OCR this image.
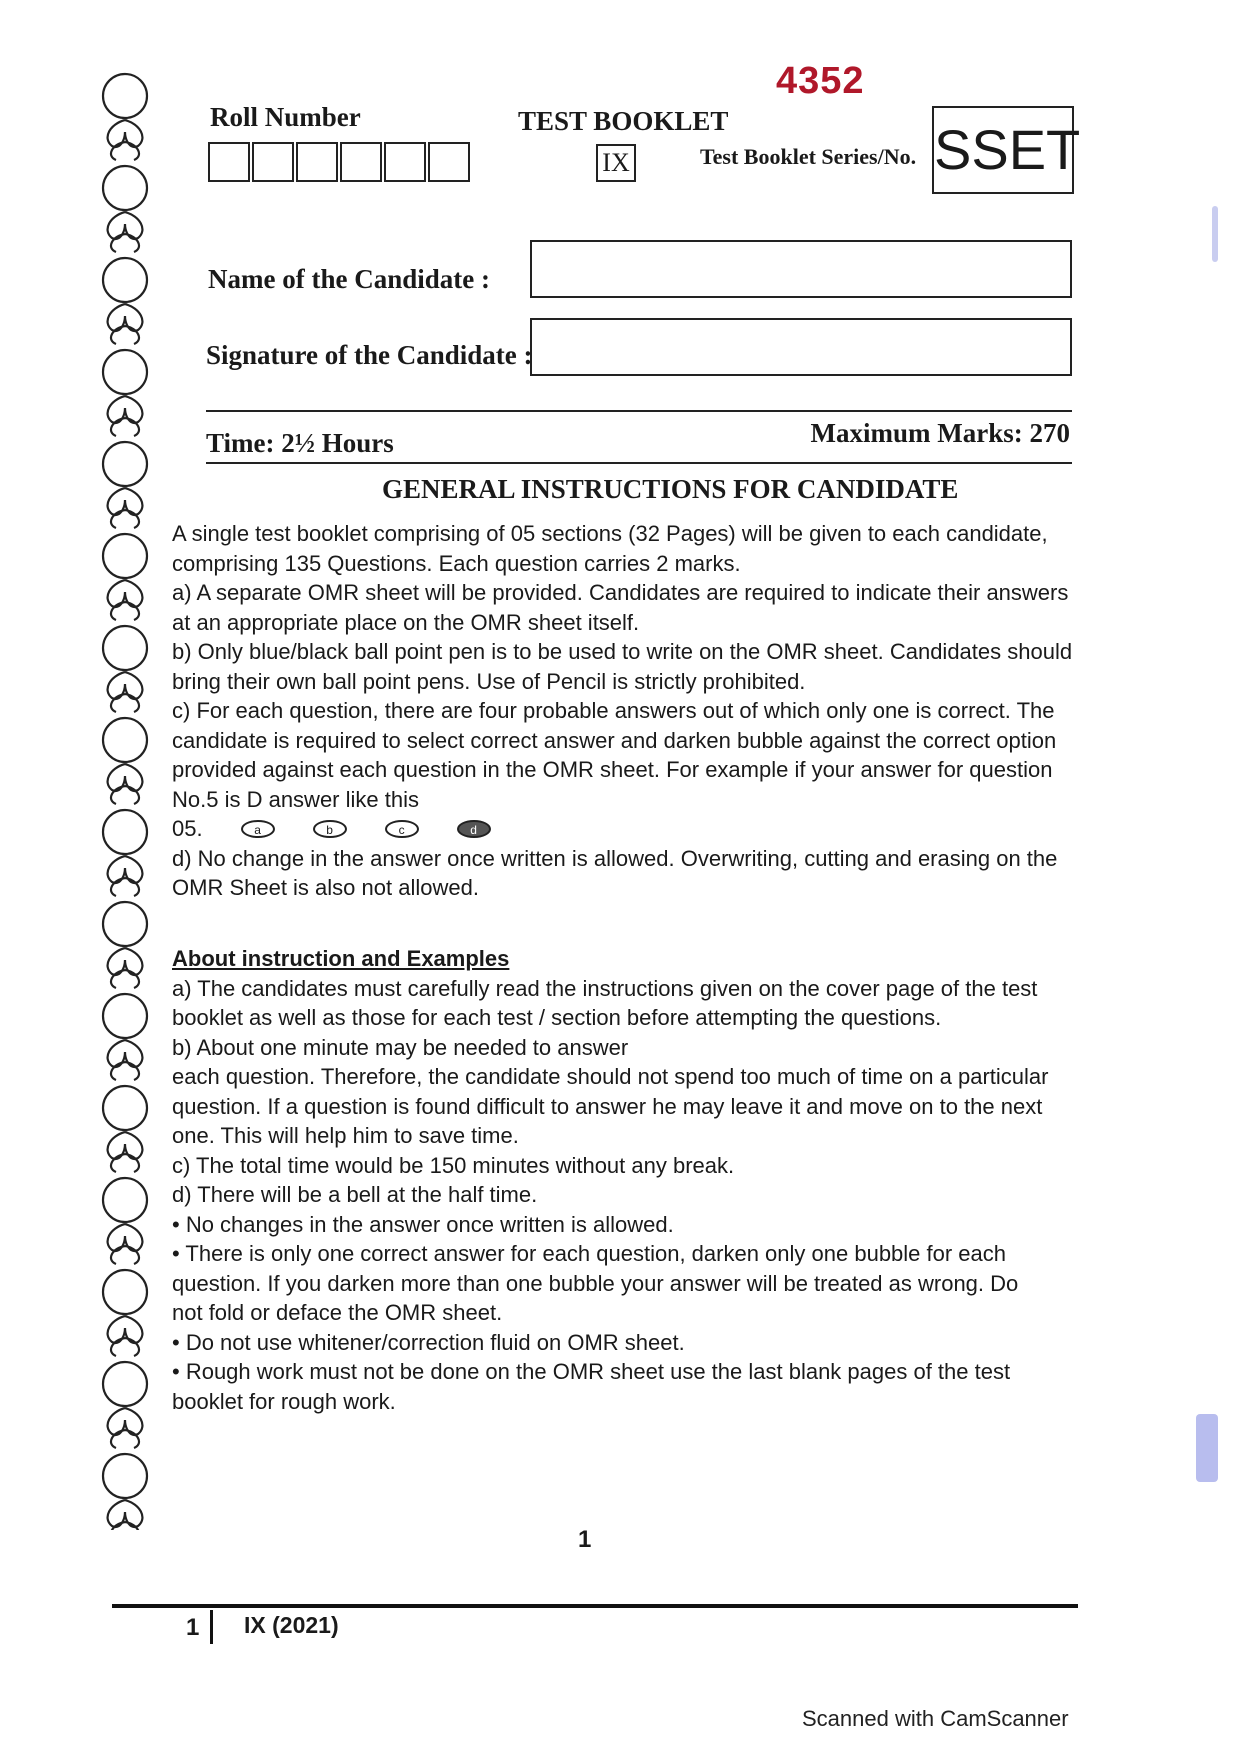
4352
Roll Number	TEST BOOKLET
IX	Test Booklet Series/No. SSET
Name of the Candidate :
Signature of the Candidate :
Time: 2½ Hours	Maximum Marks: 270
GENERAL INSTRUCTIONS FOR CANDIDATE

A single test booklet comprising of 05 sections (32 Pages) will be given to each candidate,

comprising 135 Questions. Each question carries 2 marks.

a) A separate OMR sheet will be provided. Candidates are required to indicate their answers

at an appropriate place on the OMR sheet itself.

b) Only blue/black ball point pen is to be used to write on the OMR sheet. Candidates should

bring their own ball point pens. Use of Pencil is strictly prohibited.

c) For each question, there are four probable answers out of which only one is correct. The

candidate is required to select correct answer and darken bubble against the correct option

provided against each question in the OMR sheet. For example if your answer for question

No.5 is D answer like this

05.	a	b	c	d

d) No change in the answer once written is allowed. Overwriting, cutting and erasing on the

OMR Sheet is also not allowed.

About instruction and Examples

a) The candidates must carefully read the instructions given on the cover page of the test

booklet as well as those for each test / section before attempting the questions.

b) About one minute may be needed to answer

each question. Therefore, the candidate should not spend too much of time on a particular

question. If a question is found difficult to answer he may leave it and move on to the next

one. This will help him to save time.

c) The total time would be 150 minutes without any break.

d) There will be a bell at the half time.

• No changes in the answer once written is allowed.

• There is only one correct answer for each question, darken only one bubble for each

question. If you darken more than one bubble your answer will be treated as wrong. Do

not fold or deface the OMR sheet.

• Do not use whitener/correction fluid on OMR sheet.

• Rough work must not be done on the OMR sheet use the last blank pages of the test

booklet for rough work.

1
1 IX (2021)
Scanned with CamScanner
